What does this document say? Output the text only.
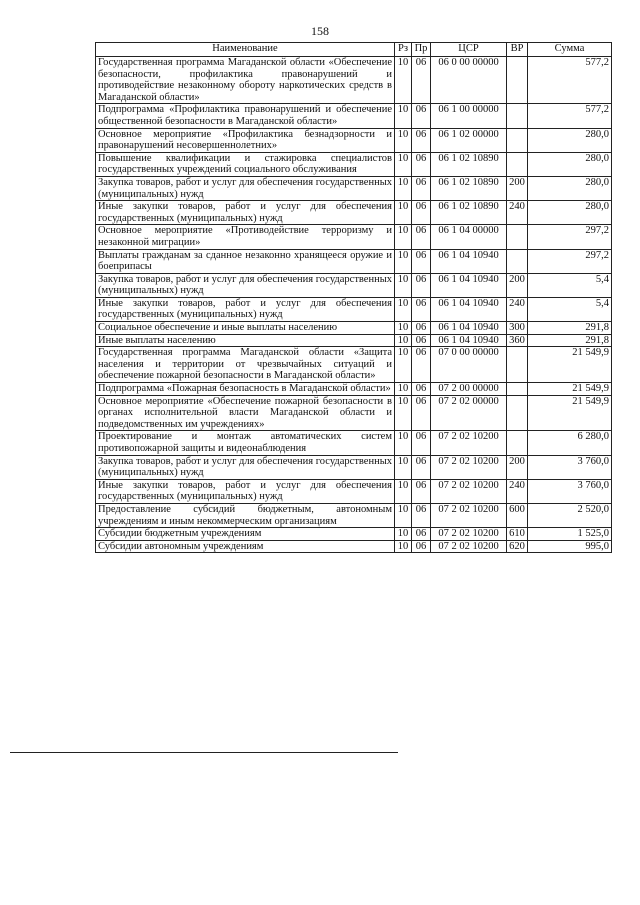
158
Наименование	Рз	Пр	ЦСР	ВР	Сумма
Государственная программа Магаданской области «Обеспечение безопасности, профилактика правонарушений и противодействие незаконному обороту наркотических средств в Магаданской области»	10	06	06 0 00 00000		577,2
Подпрограмма «Профилактика правонарушений и обеспечение общественной безопасности в Магаданской области»	10	06	06 1 00 00000		577,2
Основное мероприятие «Профилактика безнадзорности и правонарушений несовершеннолетних»	10	06	06 1 02 00000		280,0
Повышение квалификации и стажировка специалистов государственных учреждений социального обслуживания	10	06	06 1 02 10890		280,0
Закупка товаров, работ и услуг для обеспечения государственных (муниципальных) нужд	10	06	06 1 02 10890	200	280,0
Иные закупки товаров, работ и услуг для обеспечения государственных (муниципальных) нужд	10	06	06 1 02 10890	240	280,0
Основное мероприятие «Противодействие терроризму и незаконной миграции»	10	06	06 1 04 00000		297,2
Выплаты гражданам за сданное незаконно хранящееся оружие и боеприпасы	10	06	06 1 04 10940		297,2
Закупка товаров, работ и услуг для обеспечения государственных (муниципальных) нужд	10	06	06 1 04 10940	200	5,4
Иные закупки товаров, работ и услуг для обеспечения государственных (муниципальных) нужд	10	06	06 1 04 10940	240	5,4
Социальное обеспечение и иные выплаты населению	10	06	06 1 04 10940	300	291,8
Иные выплаты населению	10	06	06 1 04 10940	360	291,8
Государственная программа Магаданской области «Защита населения и территории от чрезвычайных ситуаций и обеспечение пожарной безопасности в Магаданской области»	10	06	07 0 00 00000		21 549,9
Подпрограмма «Пожарная безопасность в Магаданской области»	10	06	07 2 00 00000		21 549,9
Основное мероприятие «Обеспечение пожарной безопасности в органах исполнительной власти Магаданской области и подведомственных им учреждениях»	10	06	07 2 02 00000		21 549,9
Проектирование и монтаж автоматических систем противопожарной защиты и видеонаблюдения	10	06	07 2 02 10200		6 280,0
Закупка товаров, работ и услуг для обеспечения государственных (муниципальных) нужд	10	06	07 2 02 10200	200	3 760,0
Иные закупки товаров, работ и услуг для обеспечения государственных (муниципальных) нужд	10	06	07 2 02 10200	240	3 760,0
Предоставление субсидий бюджетным, автономным учреждениям и иным некоммерческим организациям	10	06	07 2 02 10200	600	2 520,0
Субсидии бюджетным учреждениям	10	06	07 2 02 10200	610	1 525,0
Субсидии автономным учреждениям	10	06	07 2 02 10200	620	995,0
